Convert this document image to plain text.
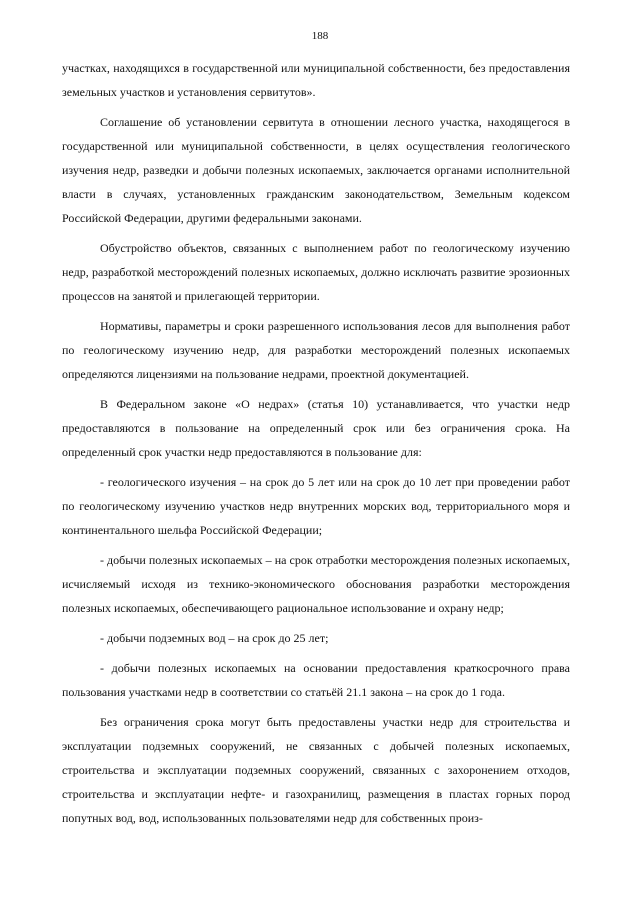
188

участках, находящихся в государственной или муниципальной собственности, без предоставления земельных участков и установления сервитутов».

Соглашение об установлении сервитута в отношении лесного участка, находящегося в государственной или муниципальной собственности, в целях осуществления геологического изучения недр, разведки и добычи полезных ископаемых, заключается органами исполнительной власти в случаях, установленных гражданским законодательством, Земельным кодексом Российской Федерации, другими федеральными законами.

Обустройство объектов, связанных с выполнением работ по геологическому изучению недр, разработкой месторождений полезных ископаемых, должно исключать развитие эрозионных процессов на занятой и прилегающей территории.

Нормативы, параметры и сроки разрешенного использования лесов для выполнения работ по геологическому изучению недр, для разработки месторождений полезных ископаемых определяются лицензиями на пользование недрами, проектной документацией.

В Федеральном законе «О недрах» (статья 10) устанавливается, что участки недр предоставляются в пользование на определенный срок или без ограничения срока. На определенный срок участки недр предоставляются в пользование для:

- геологического изучения – на срок до 5 лет или на срок до 10 лет при проведении работ по геологическому изучению участков недр внутренних морских вод, территориального моря и континентального шельфа Российской Федерации;

- добычи полезных ископаемых – на срок отработки месторождения полезных ископаемых, исчисляемый исходя из технико-экономического обоснования разработки месторождения полезных ископаемых, обеспечивающего рациональное использование и охрану недр;

- добычи подземных вод – на срок до 25 лет;

- добычи полезных ископаемых на основании предоставления краткосрочного права пользования участками недр в соответствии со статьёй 21.1 закона – на срок до 1 года.

Без ограничения срока могут быть предоставлены участки недр для строительства и эксплуатации подземных сооружений, не связанных с добычей полезных ископаемых, строительства и эксплуатации подземных сооружений, связанных с захоронением отходов, строительства и эксплуатации нефте- и газохранилищ, размещения в пластах горных пород попутных вод, вод, использованных пользователями недр для собственных произ-
